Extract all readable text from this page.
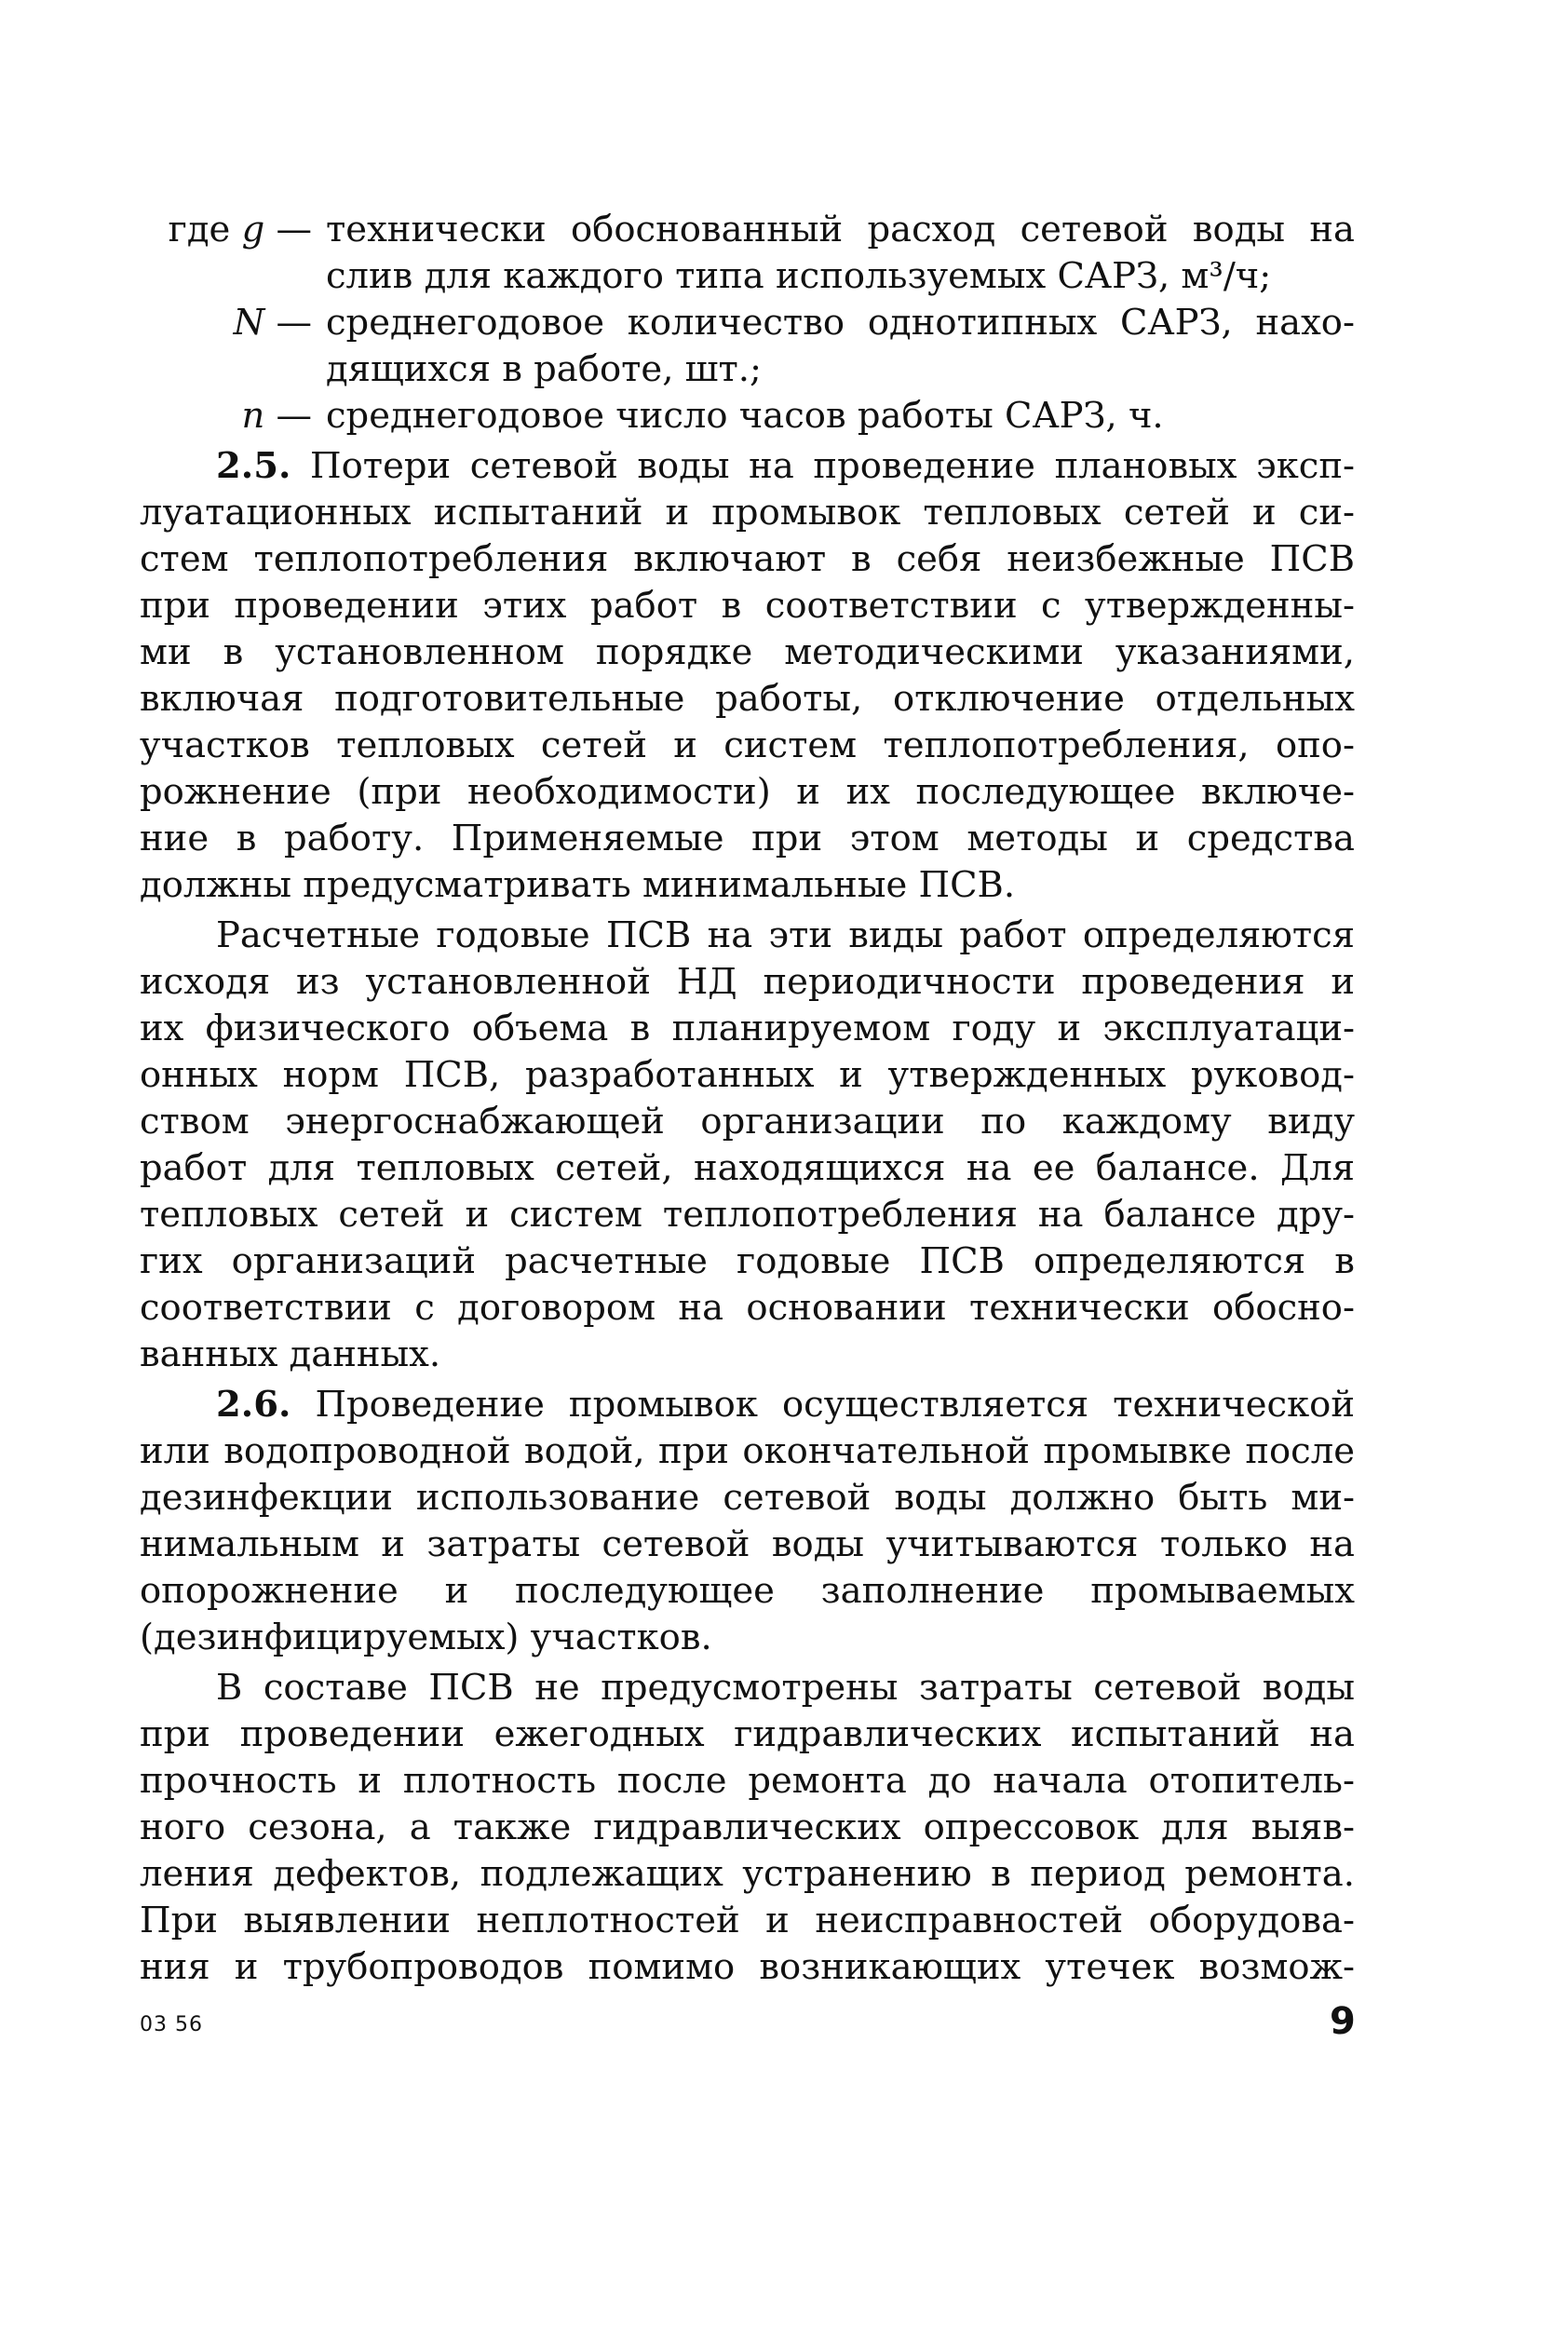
где g — технически обоснованный расход сетевой воды на
слив для каждого типа используемых САРЗ, м³/ч;
N — среднегодовое количество однотипных САРЗ, нахо-
дящихся в работе, шт.;
n — среднегодовое число часов работы САРЗ, ч.
2.5. Потери сетевой воды на проведение плановых эксп-
луатационных испытаний и промывок тепловых сетей и си-
стем теплопотребления включают в себя неизбежные ПСВ
при проведении этих работ в соответствии с утвержденны-
ми в установленном порядке методическими указаниями,
включая подготовительные работы, отключение отдельных
участков тепловых сетей и систем теплопотребления, опо-
рожнение (при необходимости) и их последующее включе-
ние в работу. Применяемые при этом методы и средства
должны предусматривать минимальные ПСВ.
Расчетные годовые ПСВ на эти виды работ определяются
исходя из установленной НД периодичности проведения и
их физического объема в планируемом году и эксплуатаци-
онных норм ПСВ, разработанных и утвержденных руковод-
ством энергоснабжающей организации по каждому виду
работ для тепловых сетей, находящихся на ее балансе. Для
тепловых сетей и систем теплопотребления на балансе дру-
гих организаций расчетные годовые ПСВ определяются в
соответствии с договором на основании технически обосно-
ванных данных.
2.6. Проведение промывок осуществляется технической
или водопроводной водой, при окончательной промывке после
дезинфекции использование сетевой воды должно быть ми-
нимальным и затраты сетевой воды учитываются только на
опорожнение и последующее заполнение промываемых
(дезинфицируемых) участков.
В составе ПСВ не предусмотрены затраты сетевой воды
при проведении ежегодных гидравлических испытаний на
прочность и плотность после ремонта до начала отопитель-
ного сезона, а также гидравлических опрессовок для выяв-
ления дефектов, подлежащих устранению в период ремонта.
При выявлении неплотностей и неисправностей оборудова-
ния и трубопроводов помимо возникающих утечек возмож-
03 56	9
